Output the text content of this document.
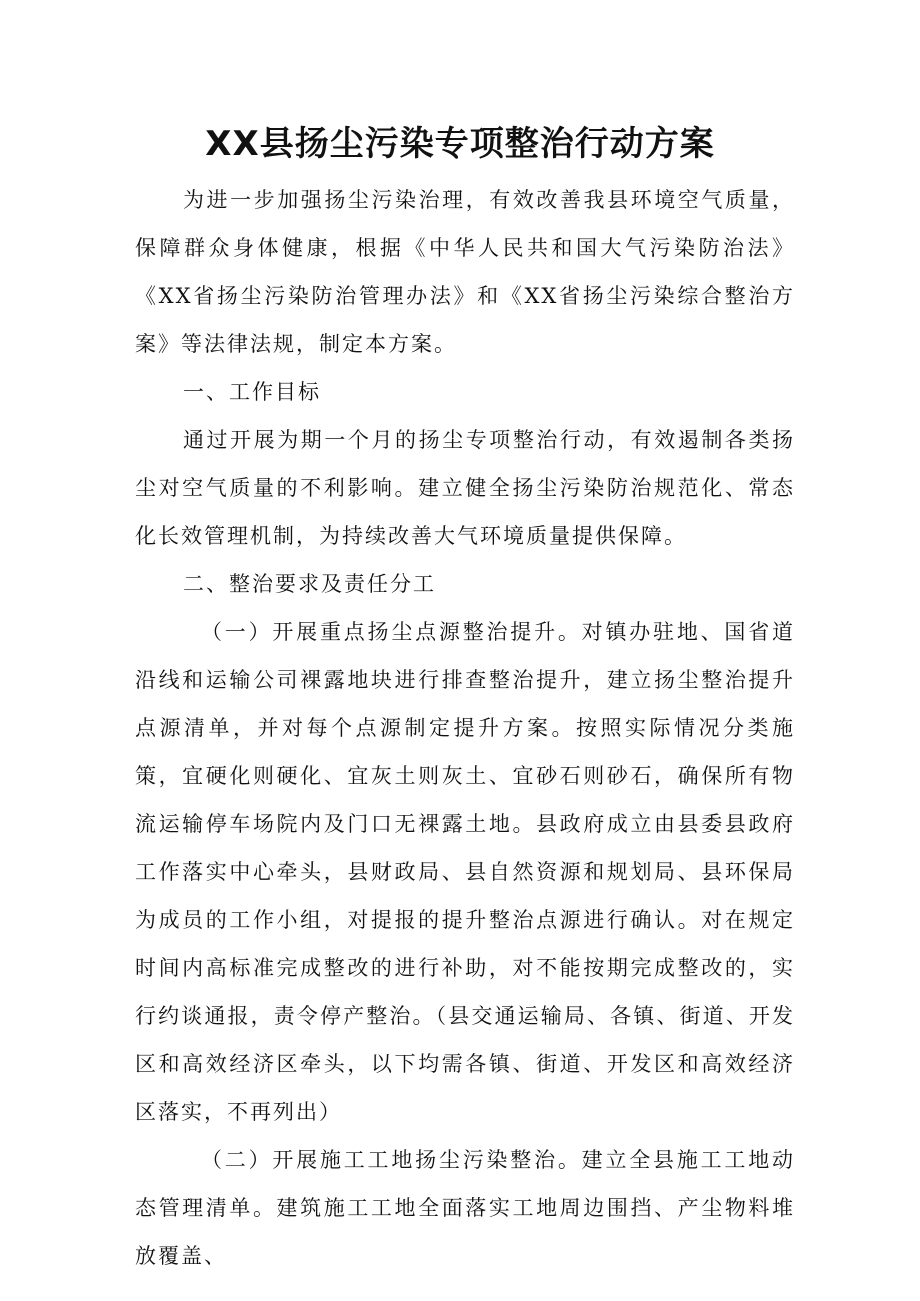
XX县扬尘污染专项整治行动方案

为进一步加强扬尘污染治理，有效改善我县环境空气质量，保障群众身体健康，根据《中华人民共和国大气污染防治法》《XX省扬尘污染防治管理办法》和《XX省扬尘污染综合整治方案》等法律法规，制定本方案。

一、工作目标

通过开展为期一个月的扬尘专项整治行动，有效遏制各类扬尘对空气质量的不利影响。建立健全扬尘污染防治规范化、常态化长效管理机制，为持续改善大气环境质量提供保障。

二、整治要求及责任分工

（一）开展重点扬尘点源整治提升。对镇办驻地、国省道沿线和运输公司裸露地块进行排查整治提升，建立扬尘整治提升点源清单，并对每个点源制定提升方案。按照实际情况分类施策，宜硬化则硬化、宜灰土则灰土、宜砂石则砂石，确保所有物流运输停车场院内及门口无裸露土地。县政府成立由县委县政府工作落实中心牵头，县财政局、县自然资源和规划局、县环保局为成员的工作小组，对提报的提升整治点源进行确认。对在规定时间内高标准完成整改的进行补助，对不能按期完成整改的，实行约谈通报，责令停产整治。（县交通运输局、各镇、街道、开发区和高效经济区牵头，以下均需各镇、街道、开发区和高效经济区落实，不再列出）

（二）开展施工工地扬尘污染整治。建立全县施工工地动态管理清单。建筑施工工地全面落实工地周边围挡、产尘物料堆放覆盖、
